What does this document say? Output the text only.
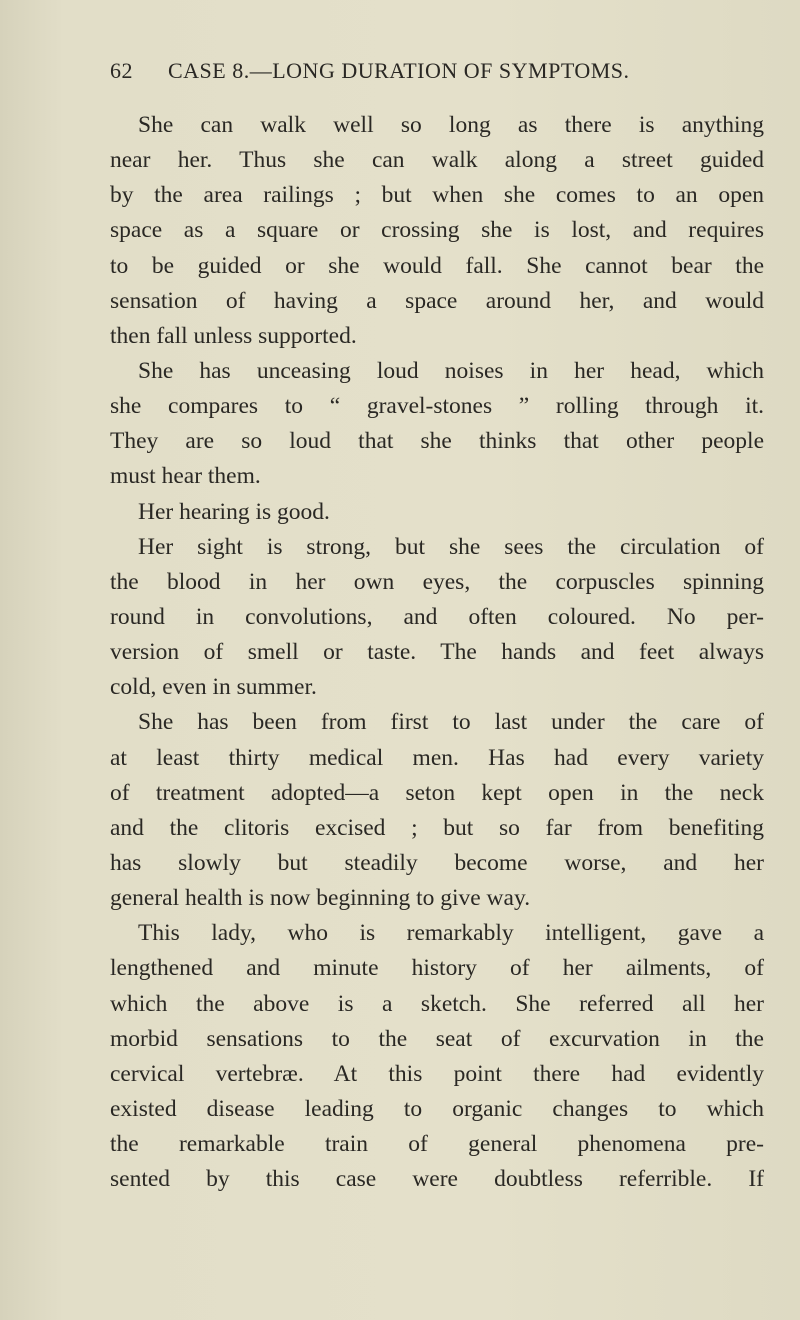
62 CASE 8.—LONG DURATION OF SYMPTOMS.
She can walk well so long as there is anything
near her. Thus she can walk along a street guided
by the area railings ; but when she comes to an open
space as a square or crossing she is lost, and requires
to be guided or she would fall. She cannot bear the
sensation of having a space around her, and would
then fall unless supported.
She has unceasing loud noises in her head, which
she compares to “ gravel-stones ” rolling through it.
They are so loud that she thinks that other people
must hear them.
Her hearing is good.
Her sight is strong, but she sees the circulation of
the blood in her own eyes, the corpuscles spinning
round in convolutions, and often coloured. No per-
version of smell or taste. The hands and feet always
cold, even in summer.
She has been from first to last under the care of
at least thirty medical men. Has had every variety
of treatment adopted—a seton kept open in the neck
and the clitoris excised ; but so far from benefiting
has slowly but steadily become worse, and her
general health is now beginning to give way.
This lady, who is remarkably intelligent, gave a
lengthened and minute history of her ailments, of
which the above is a sketch. She referred all her
morbid sensations to the seat of excurvation in the
cervical vertebræ. At this point there had evidently
existed disease leading to organic changes to which
the remarkable train of general phenomena pre-
sented by this case were doubtless referrible. If
